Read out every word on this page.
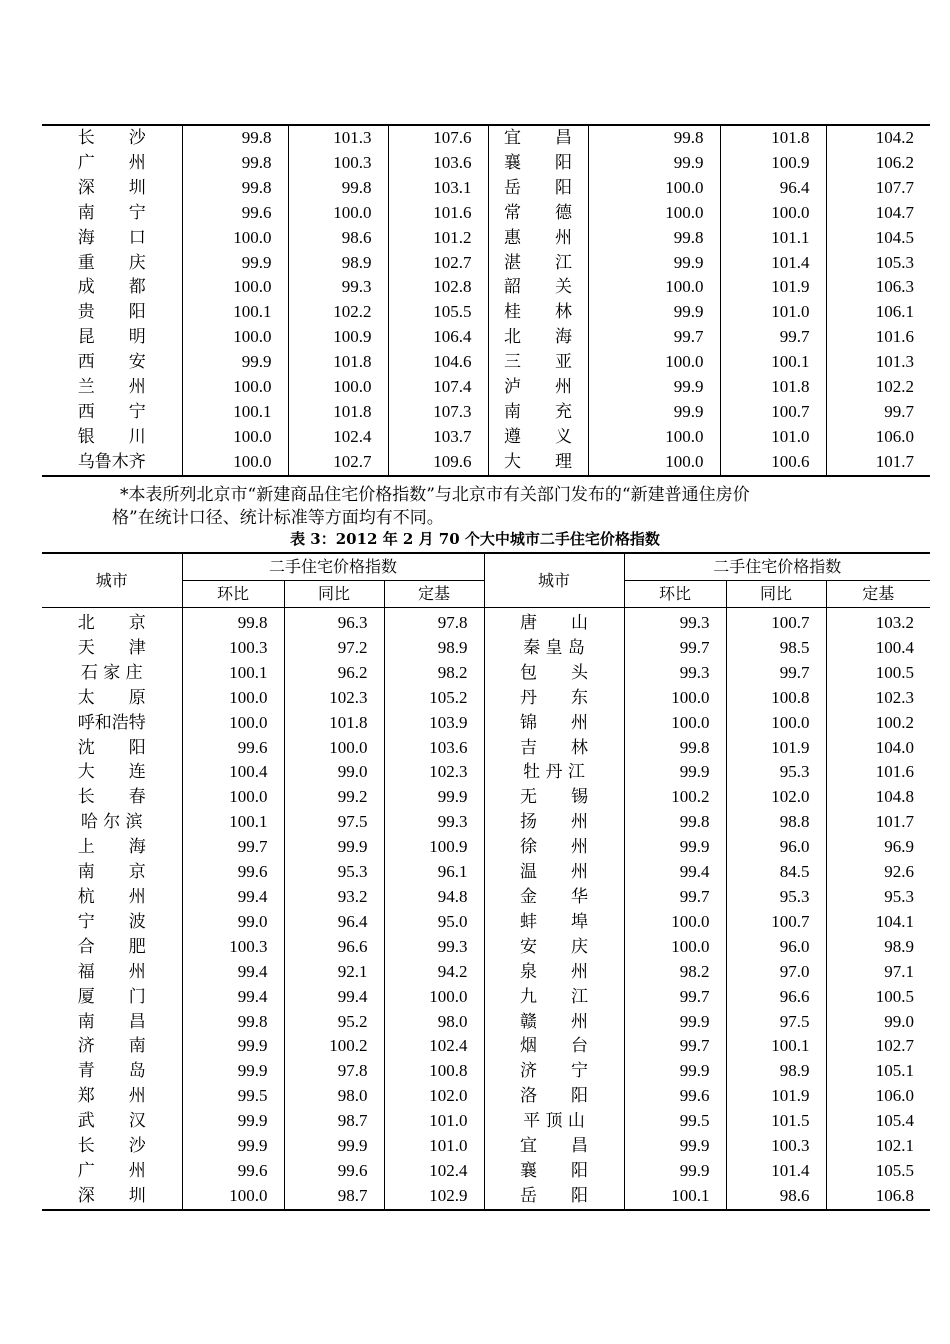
长　　沙	99.8	101.3	107.6	宜　　昌	99.8	101.8	104.2
广　　州	99.8	100.3	103.6	襄　　阳	99.9	100.9	106.2
深　　圳	99.8	99.8	103.1	岳　　阳	100.0	96.4	107.7
南　　宁	99.6	100.0	101.6	常　　德	100.0	100.0	104.7
海　　口	100.0	98.6	101.2	惠　　州	99.8	101.1	104.5
重　　庆	99.9	98.9	102.7	湛　　江	99.9	101.4	105.3
成　　都	100.0	99.3	102.8	韶　　关	100.0	101.9	106.3
贵　　阳	100.1	102.2	105.5	桂　　林	99.9	101.0	106.1
昆　　明	100.0	100.9	106.4	北　　海	99.7	99.7	101.6
西　　安	99.9	101.8	104.6	三　　亚	100.0	100.1	101.3
兰　　州	100.0	100.0	107.4	泸　　州	99.9	101.8	102.2
西　　宁	100.1	101.8	107.3	南　　充	99.9	100.7	99.7
银　　川	100.0	102.4	103.7	遵　　义	100.0	101.0	106.0
乌鲁木齐	100.0	102.7	109.6	大　　理	100.0	100.6	101.7
*本表所列北京市“新建商品住宅价格指数”与北京市有关部门发布的“新建普通住房价
格”在统计口径、统计标准等方面均有不同。
表 3：2012 年 2 月 70 个大中城市二手住宅价格指数
城市	二手住宅价格指数			城市	二手住宅价格指数		
	环比	同比	定基		环比	同比	定基
北　　京	99.8	96.3	97.8	唐　　山	99.3	100.7	103.2
天　　津	100.3	97.2	98.9	秦 皇 岛	99.7	98.5	100.4
石 家 庄	100.1	96.2	98.2	包　　头	99.3	99.7	100.5
太　　原	100.0	102.3	105.2	丹　　东	100.0	100.8	102.3
呼和浩特	100.0	101.8	103.9	锦　　州	100.0	100.0	100.2
沈　　阳	99.6	100.0	103.6	吉　　林	99.8	101.9	104.0
大　　连	100.4	99.0	102.3	牡 丹 江	99.9	95.3	101.6
长　　春	100.0	99.2	99.9	无　　锡	100.2	102.0	104.8
哈 尔 滨	100.1	97.5	99.3	扬　　州	99.8	98.8	101.7
上　　海	99.7	99.9	100.9	徐　　州	99.9	96.0	96.9
南　　京	99.6	95.3	96.1	温　　州	99.4	84.5	92.6
杭　　州	99.4	93.2	94.8	金　　华	99.7	95.3	95.3
宁　　波	99.0	96.4	95.0	蚌　　埠	100.0	100.7	104.1
合　　肥	100.3	96.6	99.3	安　　庆	100.0	96.0	98.9
福　　州	99.4	92.1	94.2	泉　　州	98.2	97.0	97.1
厦　　门	99.4	99.4	100.0	九　　江	99.7	96.6	100.5
南　　昌	99.8	95.2	98.0	赣　　州	99.9	97.5	99.0
济　　南	99.9	100.2	102.4	烟　　台	99.7	100.1	102.7
青　　岛	99.9	97.8	100.8	济　　宁	99.9	98.9	105.1
郑　　州	99.5	98.0	102.0	洛　　阳	99.6	101.9	106.0
武　　汉	99.9	98.7	101.0	平 顶 山	99.5	101.5	105.4
长　　沙	99.9	99.9	101.0	宜　　昌	99.9	100.3	102.1
广　　州	99.6	99.6	102.4	襄　　阳	99.9	101.4	105.5
深　　圳	100.0	98.7	102.9	岳　　阳	100.1	98.6	106.8
